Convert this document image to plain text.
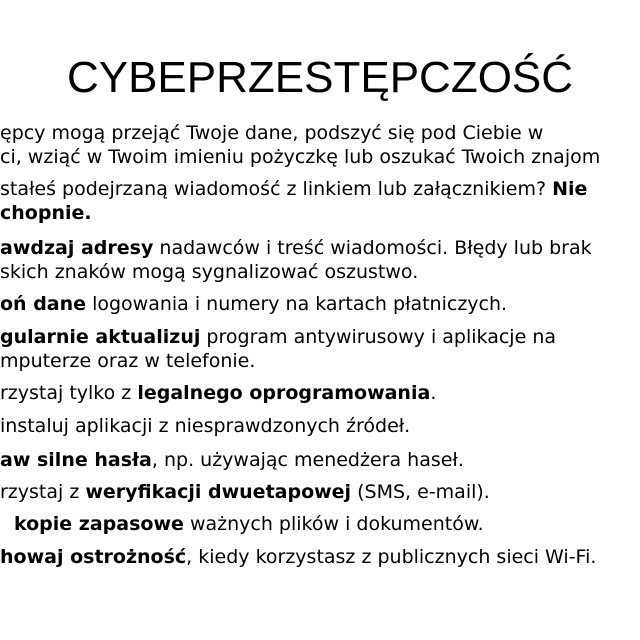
CYBEPRZESTĘPCZOŚĆ
ępcy mogą przejąć Twoje dane, podszyć się pod Ciebie w
ci, wziąć w Twoim imieniu pożyczkę lub oszukać Twoich znajom
stałeś podejrzaną wiadomość z linkiem lub załącznikiem? Nie
chopnie.
awdzaj adresy nadawców i treść wiadomości. Błędy lub brak
skich znaków mogą sygnalizować oszustwo.
oń dane logowania i numery na kartach płatniczych.
gularnie aktualizuj program antywirusowy i aplikacje na
mputerze oraz w telefonie.
rzystaj tylko z legalnego oprogramowania.
instaluj aplikacji z niesprawdzonych źródeł.
aw silne hasła, np. używając menedżera haseł.
rzystaj z weryfikacji dwuetapowej (SMS, e-mail).
kopie zapasowe ważnych plików i dokumentów.
howaj ostrożność, kiedy korzystasz z publicznych sieci Wi-Fi.
